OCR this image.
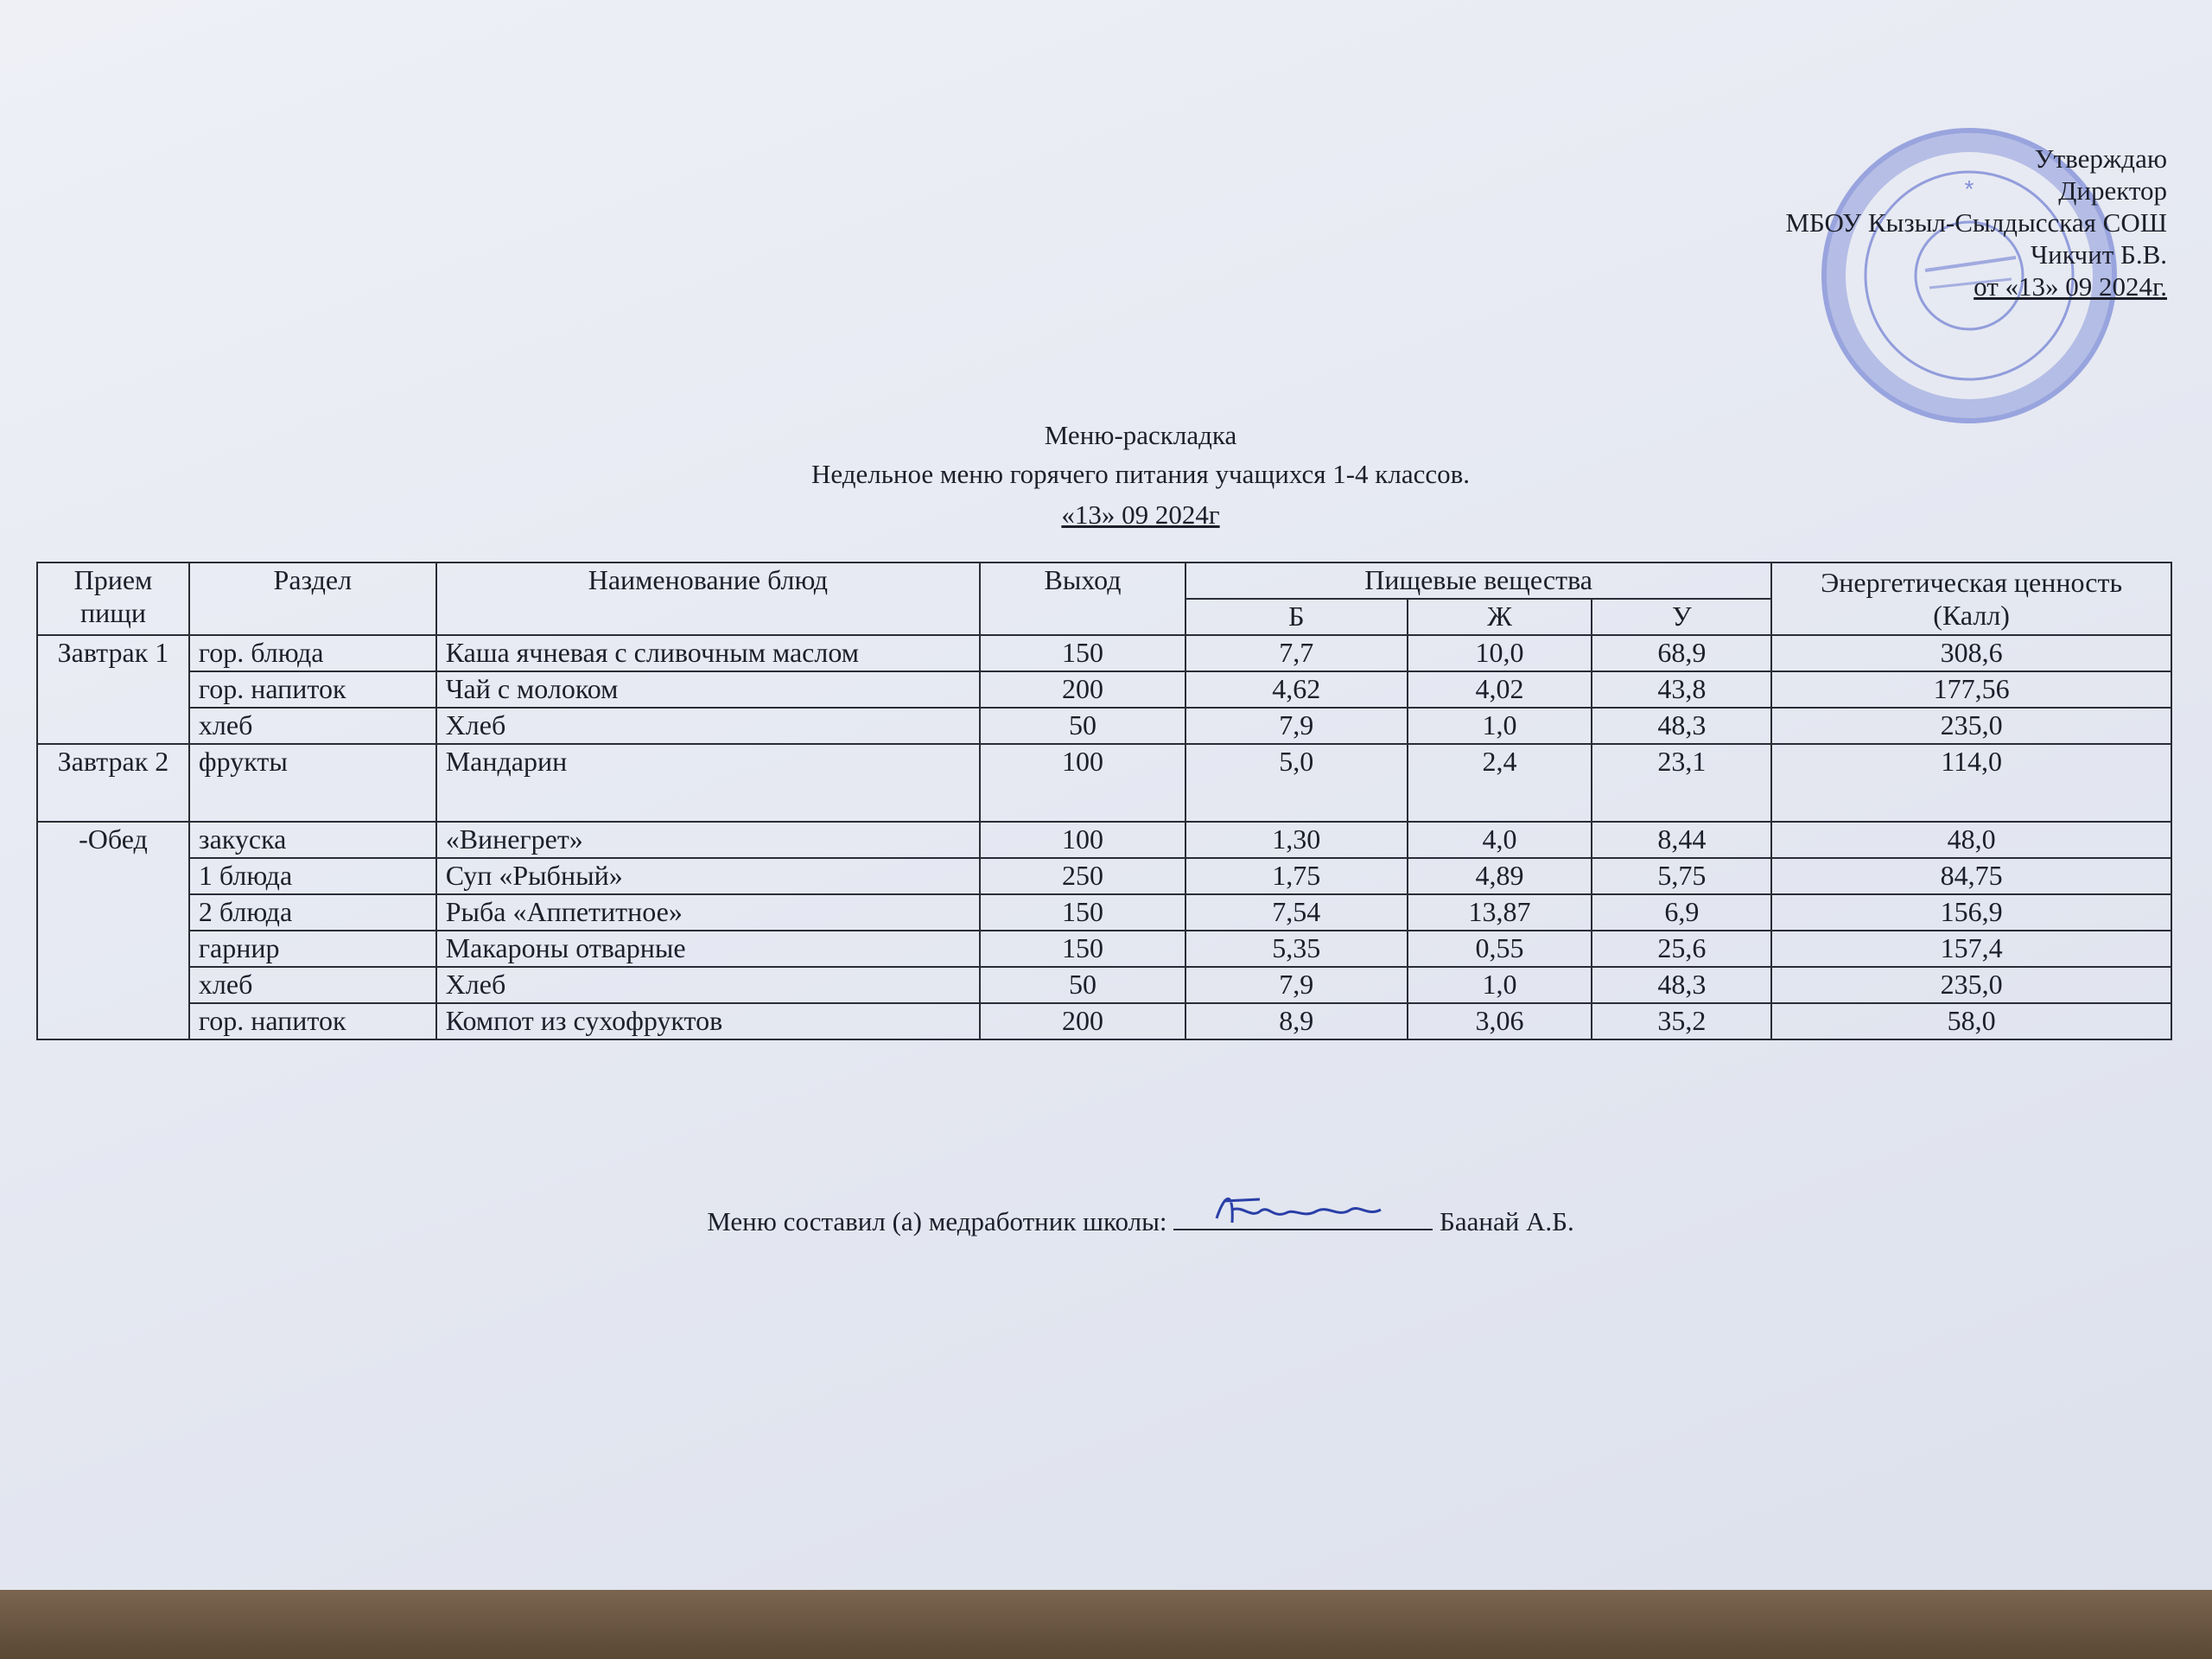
*
Утверждаю
Директор
МБОУ Кызыл-Сылдысская СОШ
Чикчит Б.В.
от «13» 09 2024г.
Меню-раскладка
Недельное меню горячего питания учащихся 1-4 классов.
«13» 09 2024г
Прием пищи	Раздел	Наименование блюд	Выход	Пищевые вещества			Энергетическая ценность (Калл)
				Б	Ж	У	
Завтрак 1	гор. блюда	Каша ячневая с сливочным маслом	150	7,7	10,0	68,9	308,6
	гор. напиток	Чай с молоком	200	4,62	4,02	43,8	177,56
	хлеб	Хлеб	50	7,9	1,0	48,3	235,0
Завтрак 2	фрукты	Мандарин	100	5,0	2,4	23,1	114,0
-Обед	закуска	«Винегрет»	100	1,30	4,0	8,44	48,0
	1 блюда	Суп «Рыбный»	250	1,75	4,89	5,75	84,75
	2 блюда	Рыба «Аппетитное»	150	7,54	13,87	6,9	156,9
	гарнир	Макароны отварные	150	5,35	0,55	25,6	157,4
	хлеб	Хлеб	50	7,9	1,0	48,3	235,0
	гор. напиток	Компот из сухофруктов	200	8,9	3,06	35,2	58,0
Меню составил (а) медработник школы:	Баанай А.Б.
